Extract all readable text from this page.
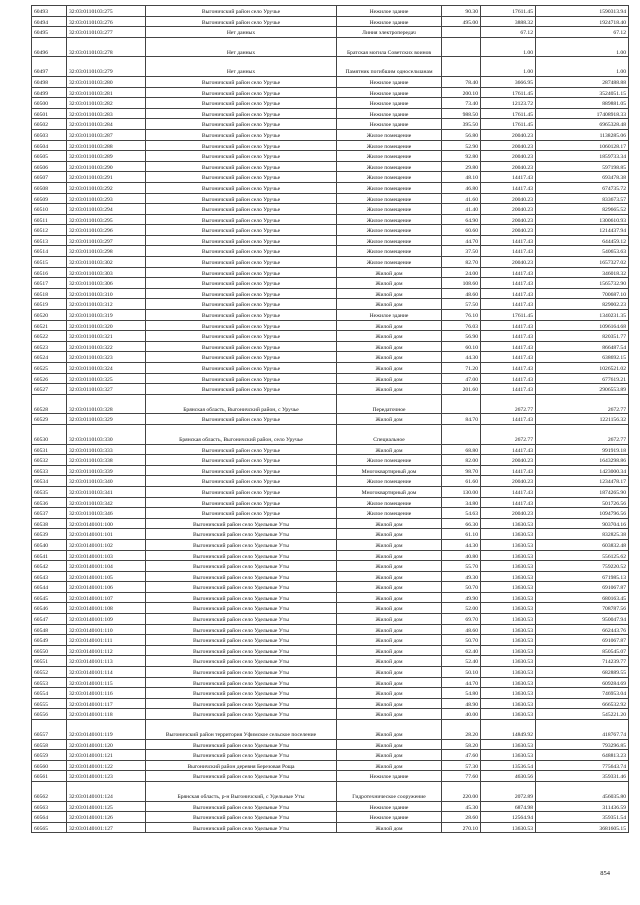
60493	32:03:0110103:275	Выгоничский район село Уручье	Нежилое здание	90.30	17611.45	1590313.94
60494	32:03:0110103:276	Выгоничский район село Уручье	Нежилое здание	495.00	3888.32	1924718.40
60495	32:03:0110103:277	Нет данных	Линия электропередач		67.12	67.12
60496	32:03:0110103:278	Нет данных	Братская могила Советских воинов		1.00	1.00
60497	32:03:0110103:279	Нет данных	Памятник погибшим односельчанам		1.00	1.00
60498	32:03:0110103:280	Выгоничский район село Уручье	Нежилое здание	78.40	3666.95	287488.88
60499	32:03:0110103:281	Выгоничский район село Уручье	Нежилое здание	200.10	17611.45	3524051.15
60500	32:03:0110103:282	Выгоничский район село Уручье	Нежилое здание	73.40	12123.72	889881.05
60501	32:03:0110103:283	Выгоничский район село Уручье	Нежилое здание	988.50	17611.45	17408918.33
60502	32:03:0110103:284	Выгоничский район село Уручье	Нежилое здание	395.50	17611.45	6965328.48
60503	32:03:0110103:287	Выгоничский район село Уручье	Жилое помещение	56.80	20040.23	1138285.06
60504	32:03:0110103:288	Выгоничский район село Уручье	Жилое помещение	52.90	20040.23	1060128.17
60505	32:03:0110103:289	Выгоничский район село Уручье	Жилое помещение	92.80	20040.23	1859733.34
60506	32:03:0110103:290	Выгоничский район село Уручье	Жилое помещение	29.80	20040.23	597198.85
60507	32:03:0110103:291	Выгоничский район село Уручье	Жилое помещение	48.10	14417.43	693478.38
60508	32:03:0110103:292	Выгоничский район село Уручье	Жилое помещение	46.80	14417.43	674735.72
60509	32:03:0110103:293	Выгоничский район село Уручье	Жилое помещение	41.60	20040.23	833673.57
60510	32:03:0110103:294	Выгоничский район село Уручье	Жилое помещение	41.40	20040.23	829665.52
60511	32:03:0110103:295	Выгоничский район село Уручье	Жилое помещение	64.90	20040.23	1300610.93
60512	32:03:0110103:296	Выгоничский район село Уручье	Жилое помещение	60.60	20040.23	1214437.94
60513	32:03:0110103:297	Выгоничский район село Уручье	Жилое помещение	44.70	14417.43	644459.12
60514	32:03:0110103:298	Выгоничский район село Уручье	Жилое помещение	37.50	14417.43	540653.63
60515	32:03:0110103:302	Выгоничский район село Уручье	Жилое помещение	82.70	20040.23	1657327.02
60516	32:03:0110103:303	Выгоничский район село Уручье	Жилой дом	24.00	14417.43	346018.32
60517	32:03:0110103:306	Выгоничский район село Уручье	Жилой дом	108.60	14417.43	1565732.90
60518	32:03:0110103:310	Выгоничский район село Уручье	Жилой дом	48.60	14417.43	700687.10
60519	32:03:0110103:312	Выгоничский район село Уручье	Жилой дом	57.50	14417.43	829002.23
60520	32:03:0110103:319	Выгоничский район село Уручье	Нежилое здание	76.10	17611.45	1340231.35
60521	32:03:0110103:320	Выгоничский район село Уручье	Жилой дом	76.03	14417.43	1096164.68
60522	32:03:0110103:321	Выгоничский район село Уручье	Жилой дом	56.90	14417.43	820351.77
60523	32:03:0110103:322	Выгоничский район село Уручье	Жилой дом	60.10	14417.43	866487.54
60524	32:03:0110103:323	Выгоничский район село Уручье	Жилой дом	44.30	14417.43	638692.15
60525	32:03:0110103:324	Выгоничский район село Уручье	Жилой дом	71.20	14417.43	1026521.02
60526	32:03:0110103:325	Выгоничский район село Уручье	Жилой дом	47.00	14417.43	677619.21
60527	32:03:0110103:327	Выгоничский район село Уручье	Жилой дом	201.60	14417.43	2906553.89
60528	32:03:0110103:328	Брянская область, Выгоничский район, с Уручье	Передаточное		2672.77	2672.77
60529	32:03:0110103:329	Выгоничский район село Уручье	Жилой дом	84.70	14417.43	1221156.32
60530	32:03:0110103:330	Брянская область, Выгоничский район, село Уручье	Специальное		2672.77	2672.77
60531	32:03:0110103:333	Выгоничский район село Уручье	Жилой дом	68.80	14417.43	991919.18
60532	32:03:0110103:338	Выгоничский район село Уручье	Жилое помещение	82.00	20040.23	1643298.86
60533	32:03:0110103:339	Выгоничский район село Уручье	Многоквартирный дом	98.70	14417.43	1423000.34
60534	32:03:0110103:340	Выгоничский район село Уручье	Жилое помещение	61.60	20040.23	1234478.17
60535	32:03:0110103:341	Выгоничский район село Уручье	Многоквартирный дом	130.00	14417.43	1874265.90
60536	32:03:0110103:342	Выгоничский район село Уручье	Жилое помещение	34.80	14417.43	501726.56
60537	32:03:0110103:346	Выгоничский район село Уручье	Жилое помещение	54.63	20040.23	1094796.56
60538	32:03:0140101:100	Выгоничский район село Удельные Уты	Жилой дом	66.30	13630.53	903704.16
60539	32:03:0140101:101	Выгоничский район село Удельные Уты	Жилой дом	61.10	13630.53	832825.38
60540	32:03:0140101:102	Выгоничский район село Удельные Уты	Жилой дом	44.30	13630.53	603832.48
60541	32:03:0140101:103	Выгоничский район село Удельные Уты	Жилой дом	40.80	13630.53	556125.62
60542	32:03:0140101:104	Выгоничский район село Удельные Уты	Жилой дом	55.70	13630.53	759220.52
60543	32:03:0140101:105	Выгоничский район село Удельные Уты	Жилой дом	49.30	13630.53	671985.13
60544	32:03:0140101:106	Выгоничский район село Удельные Уты	Жилой дом	50.70	13630.53	691067.87
60545	32:03:0140101:107	Выгоничский район село Удельные Уты	Жилой дом	49.90	13630.53	680163.45
60546	32:03:0140101:108	Выгоничский район село Удельные Уты	Жилой дом	52.00	13630.53	708787.56
60547	32:03:0140101:109	Выгоничский район село Удельные Уты	Жилой дом	69.70	13630.53	950047.94
60548	32:03:0140101:110	Выгоничский район село Удельные Уты	Жилой дом	48.60	13630.53	662443.76
60549	32:03:0140101:111	Выгоничский район село Удельные Уты	Жилой дом	50.70	13630.53	691067.87
60550	32:03:0140101:112	Выгоничский район село Удельные Уты	Жилой дом	62.40	13630.53	850545.07
60551	32:03:0140101:113	Выгоничский район село Удельные Уты	Жилой дом	52.40	13630.53	714239.77
60552	32:03:0140101:114	Выгоничский район село Удельные Уты	Жилой дом	50.10	13630.53	682889.55
60553	32:03:0140101:115	Выгоничский район село Удельные Уты	Жилой дом	44.70	13630.53	609284.69
60554	32:03:0140101:116	Выгоничский район село Удельные Уты	Жилой дом	54.80	13630.53	746953.04
60555	32:03:0140101:117	Выгоничский район село Удельные Уты	Жилой дом	48.90	13630.53	666532.92
60556	32:03:0140101:118	Выгоничский район село Удельные Уты	Жилой дом	40.00	13630.53	545221.20
60557	32:03:0140101:119	Выгоничский район территория Уфимское сельское поселение	Жилой дом	28.20	14849.92	418767.74
60558	32:03:0140101:120	Выгоничский район село Удельные Уты	Жилой дом	58.20	13630.53	793296.85
60559	32:03:0140101:121	Выгоничский район село Удельные Уты	Жилой дом	47.60	13630.53	648813.23
60560	32:03:0140101:122	Выгоничский район деревня Березовая Роща	Жилой дом	57.30	13536.54	775643.74
60561	32:03:0140101:123	Выгоничский район село Удельные Уты	Нежилое здание	77.60	4630.56	359331.46
60562	32:03:0140101:124	Брянская область, р-н Выгоничский, с Удельные Уты	Гидротехническое сооружение	220.00	2072.89	456035.80
60563	32:03:0140101:125	Выгоничский район село Удельные Уты	Нежилое здание	45.30	6874.98	311436.59
60564	32:03:0140101:126	Выгоничский район село Удельные Уты	Нежилое здание	28.60	12564.94	359351.54
60565	32:03:0140101:127	Выгоничский район село Удельные Уты	Жилой дом	270.10	13630.53	3681605.15
854
